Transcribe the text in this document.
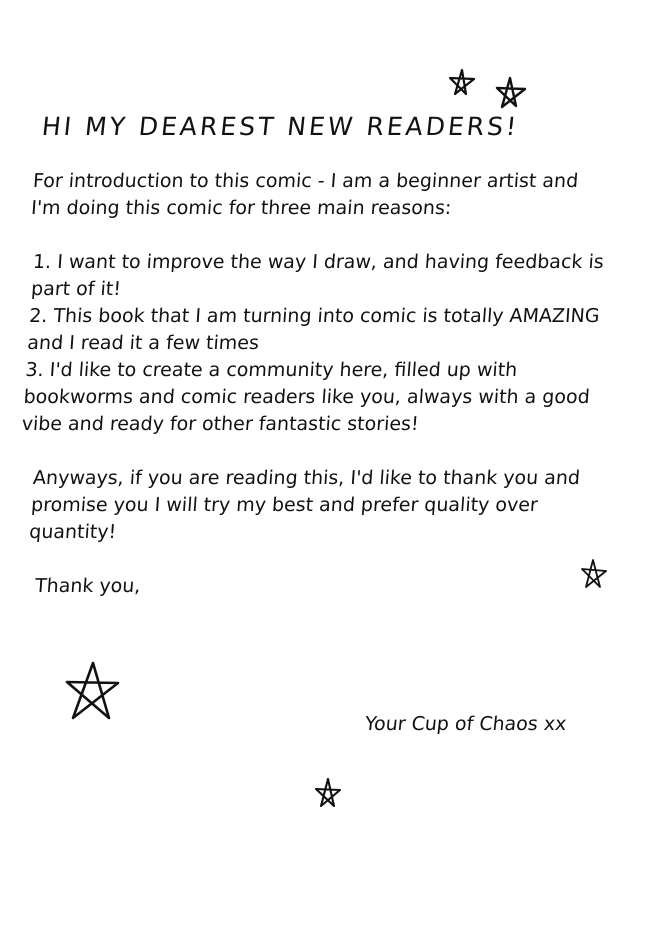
HI MY DEAREST NEW READERS!
For introduction to this comic - I am a beginner artist and
I'm doing this comic for three main reasons:
1. I want to improve the way I draw, and having feedback is
part of it!
2. This book that I am turning into comic is totally AMAZING
and I read it a few times
3. I'd like to create a community here, filled up with
bookworms and comic readers like you, always with a good
vibe and ready for other fantastic stories!
Anyways, if you are reading this, I'd like to thank you and
promise you I will try my best and prefer quality over
quantity!
Thank you,
Your Cup of Chaos xx
